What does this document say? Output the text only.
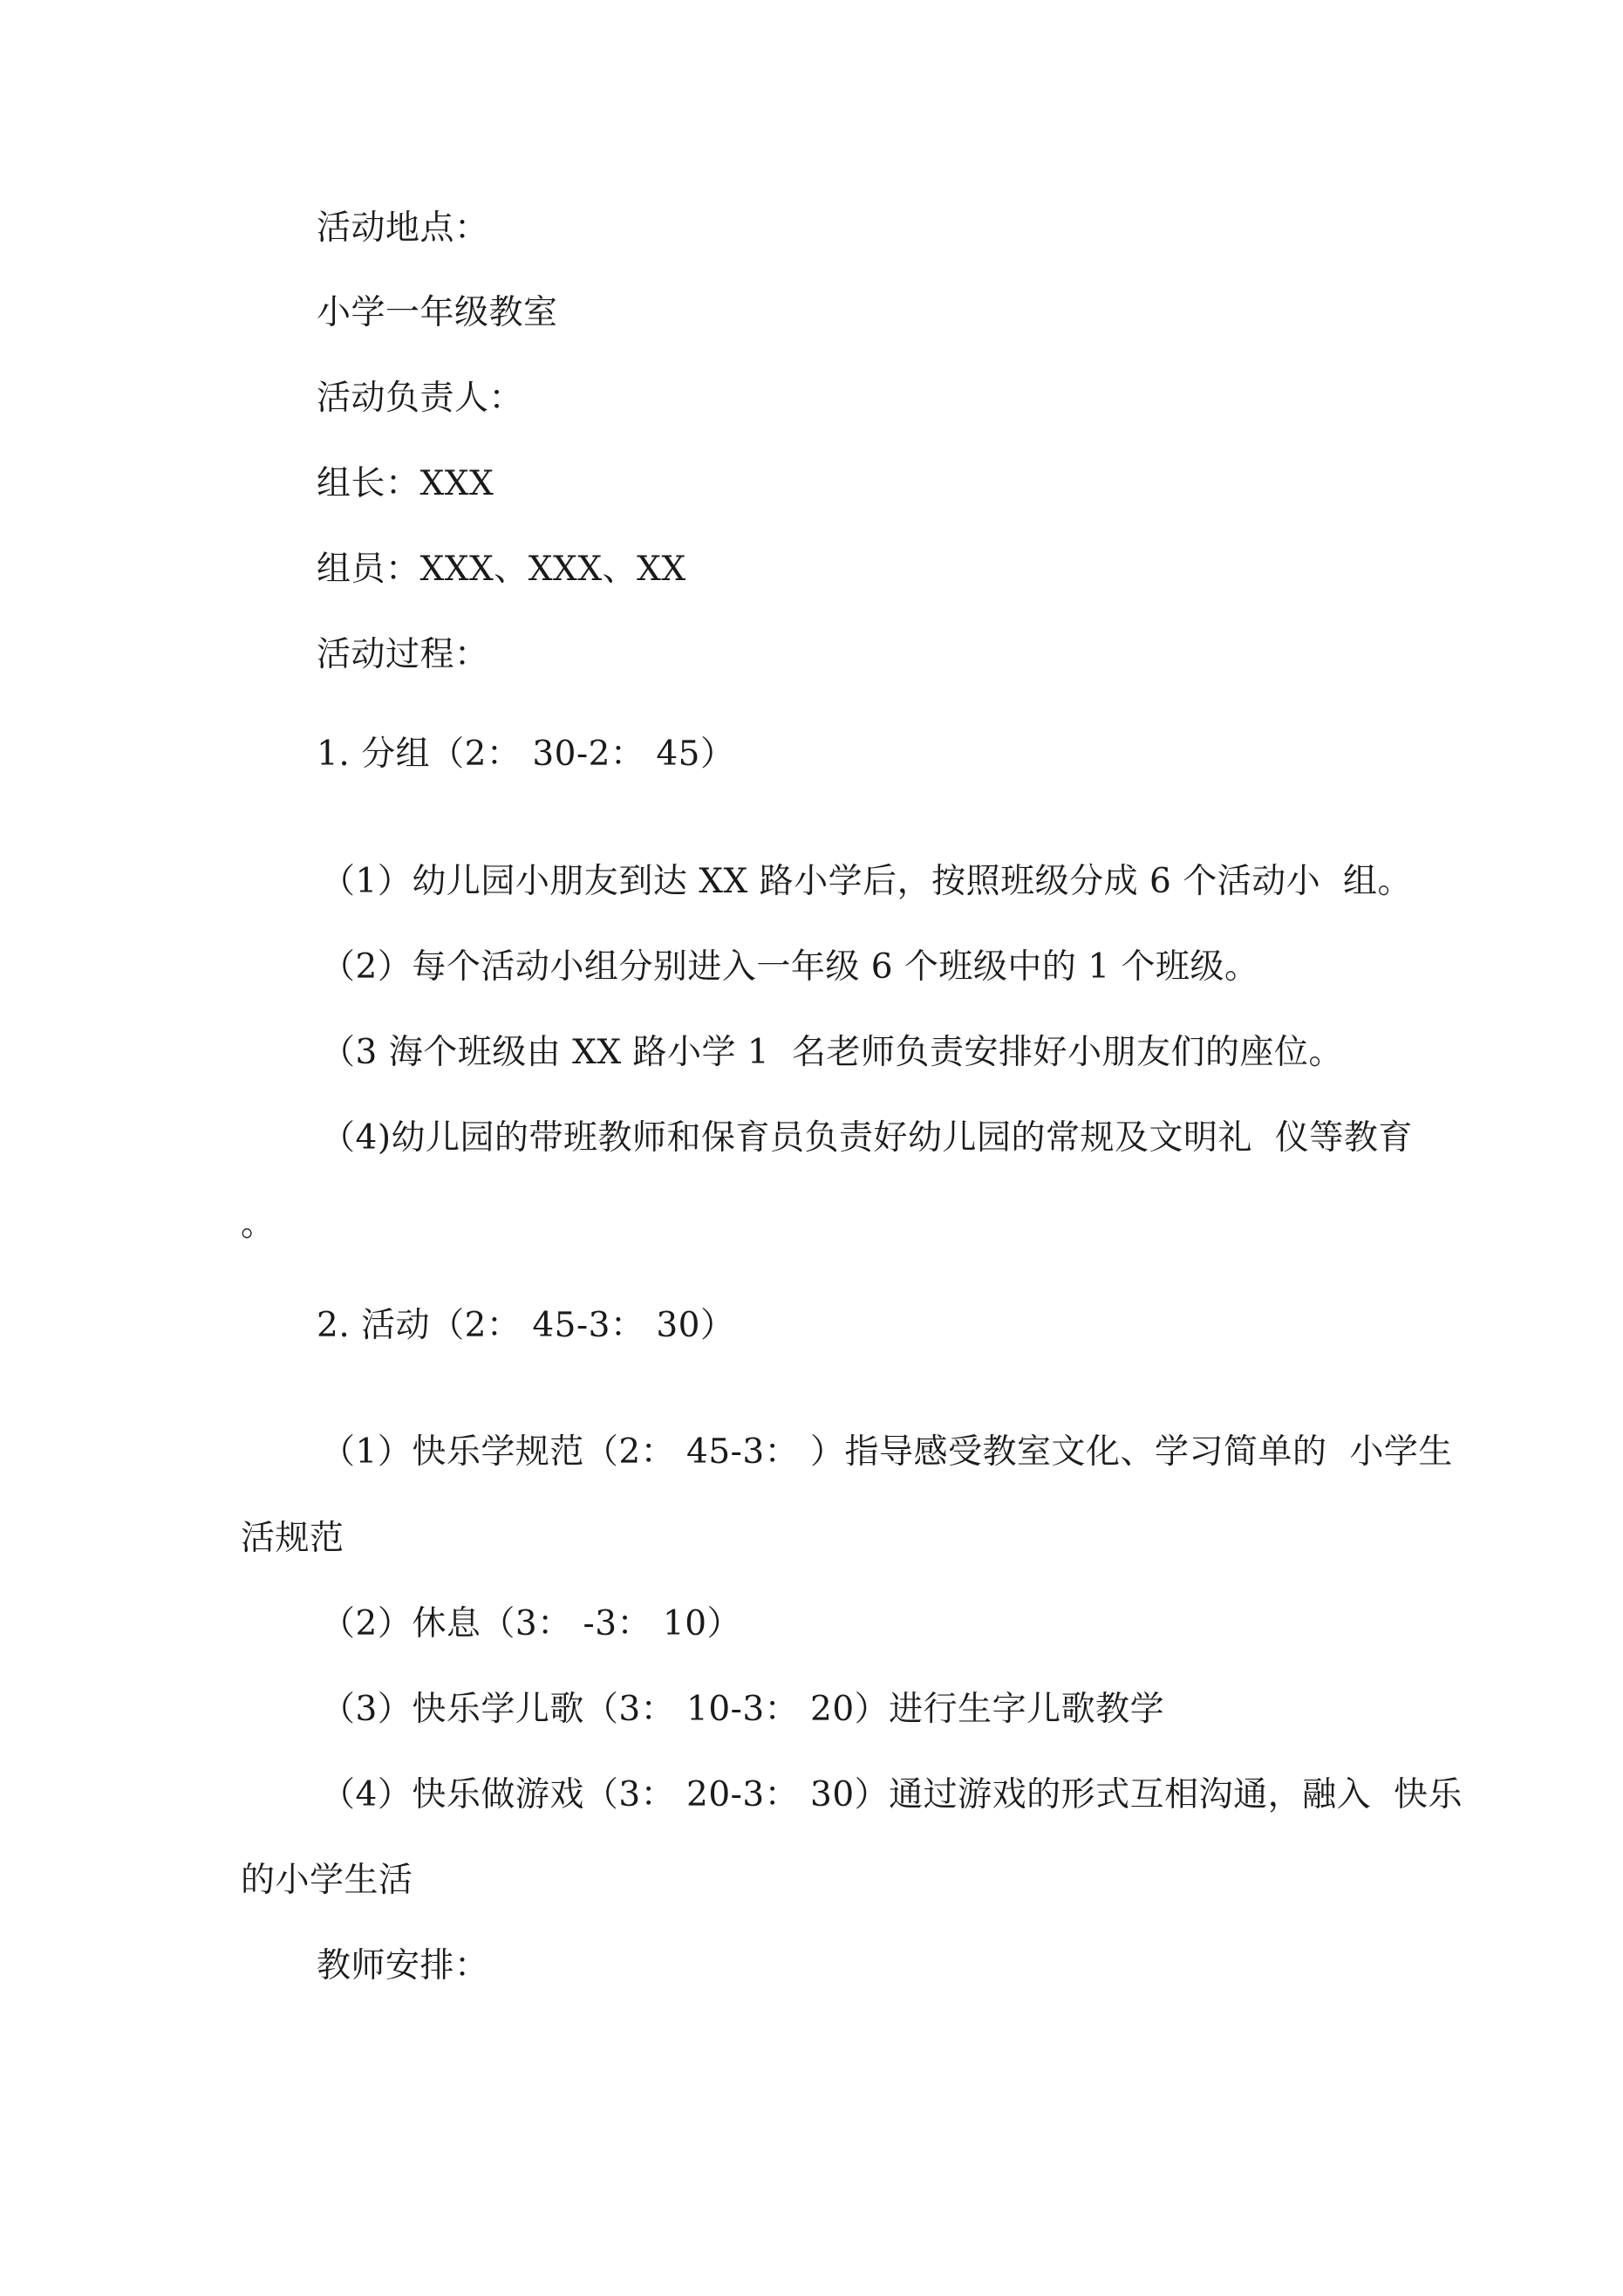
活动地点：
小学一年级教室
活动负责人：
组长：XXX
组员：XXX、XXX、XX
活动过程：
1. 分组（2： 30-2： 45）
（1）幼儿园小朋友到达 XX 路小学后，按照班级分成 6 个活动小  组。
（2）每个活动小组分别进入一年级 6 个班级中的 1 个班级。
（3 海个班级由 XX 路小学 1  名老师负责安排好小朋友们的座位。
（4)幼儿园的带班教师和保育员负责好幼儿园的常规及文明礼  仪等教育
。
2. 活动（2： 45-3： 30）
（1）快乐学规范（2： 45-3： ）指导感受教室文化、学习简单的  小学生
活规范
（2）休息（3： -3： 10）
（3）快乐学儿歌（3： 10-3： 20）进行生字儿歌教学
（4）快乐做游戏（3： 20-3： 30）通过游戏的形式互相沟通，融入  快乐
的小学生活
教师安排：
